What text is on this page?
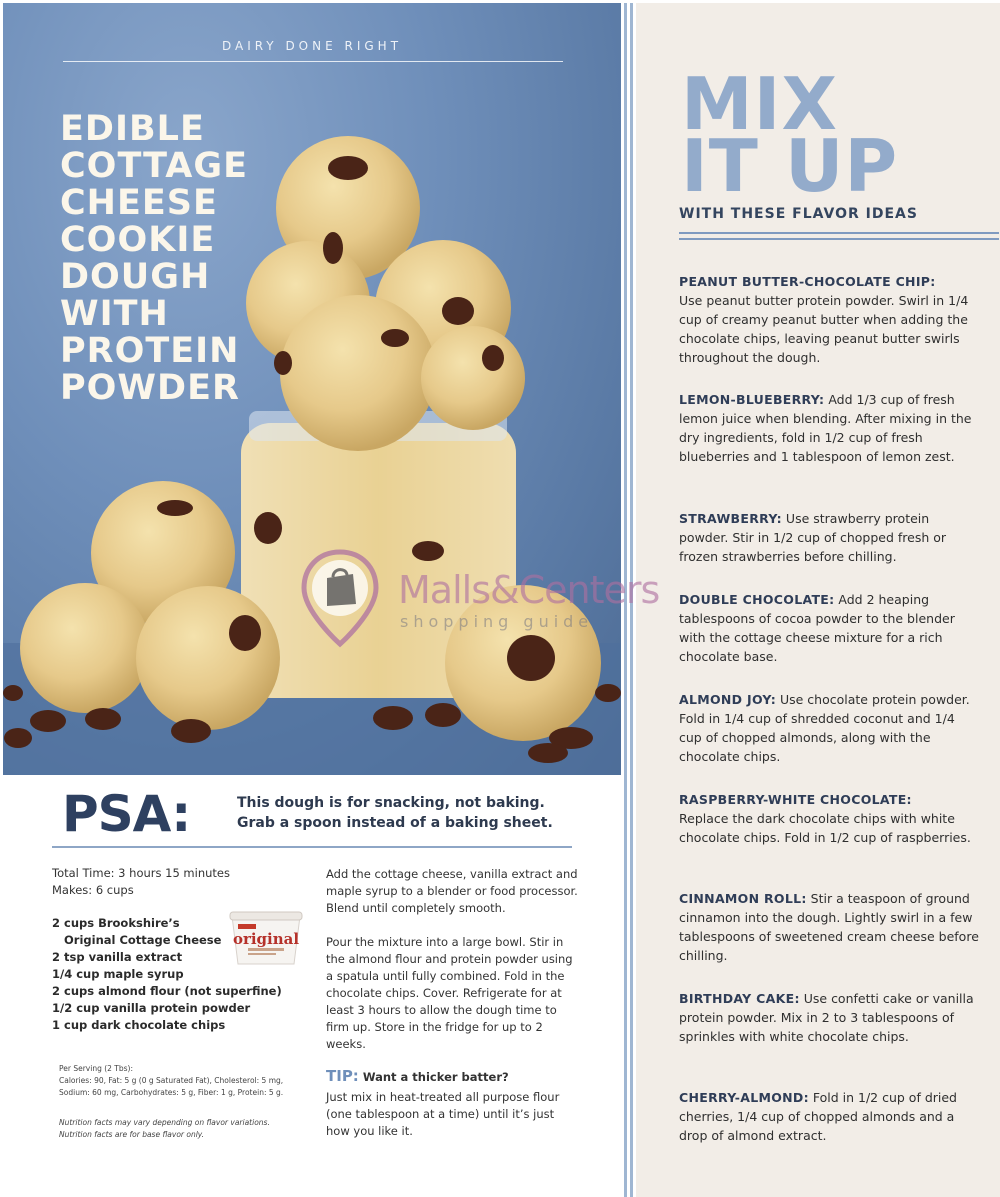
DAIRY DONE RIGHT
EDIBLE
COTTAGE
CHEESE
COOKIE
DOUGH
WITH
PROTEIN
POWDER
MIX
IT UP
WITH THESE FLAVOR IDEAS
PEANUT BUTTER-CHOCOLATE CHIP:
Use peanut butter protein powder. Swirl in 1/4 cup of creamy peanut butter when adding the chocolate chips, leaving peanut butter swirls throughout the dough.
LEMON-BLUEBERRY: Add 1/3 cup of fresh lemon juice when blending. After mixing in the dry ingredients, fold in 1/2 cup of fresh blueberries and 1 tablespoon of lemon zest.
STRAWBERRY: Use strawberry protein powder. Stir in 1/2 cup of chopped fresh or frozen strawberries before chilling.
DOUBLE CHOCOLATE: Add 2 heaping tablespoons of cocoa powder to the blender with the cottage cheese mixture for a rich chocolate base.
ALMOND JOY: Use chocolate protein powder. Fold in 1/4 cup of shredded coconut and 1/4 cup of chopped almonds, along with the chocolate chips.
RASPBERRY-WHITE CHOCOLATE:
Replace the dark chocolate chips with white chocolate chips. Fold in 1/2 cup of raspberries.
CINNAMON ROLL: Stir a teaspoon of ground cinnamon into the dough. Lightly swirl in a few tablespoons of sweetened cream cheese before chilling.
BIRTHDAY CAKE: Use confetti cake or vanilla protein powder. Mix in 2 to 3 tablespoons of sprinkles with white chocolate chips.
CHERRY-ALMOND: Fold in 1/2 cup of dried cherries, 1/4 cup of chopped almonds and a drop of almond extract.
PSA:	This dough is for snacking, not baking.
Grab a spoon instead of a baking sheet.
Total Time: 3 hours 15 minutes
Makes: 6 cups
2 cups Brookshire’s
Original Cottage Cheese
2 tsp vanilla extract
1/4 cup maple syrup
2 cups almond flour (not superfine)
1/2 cup vanilla protein powder
1 cup dark chocolate chips
original
Per Serving (2 Tbs):
Calories: 90, Fat: 5 g (0 g Saturated Fat), Cholesterol: 5 mg,
Sodium: 60 mg, Carbohydrates: 5 g, Fiber: 1 g, Protein: 5 g.
Nutrition facts may vary depending on flavor variations.
Nutrition facts are for base flavor only.

Add the cottage cheese, vanilla extract and maple syrup to a blender or food processor. Blend until completely smooth.

Pour the mixture into a large bowl. Stir in the almond flour and protein powder using a spatula until fully combined. Fold in the chocolate chips. Cover. Refrigerate for at least 3 hours to allow the dough time to firm up. Store in the fridge for up to 2 weeks.

TIP: Want a thicker batter?
Just mix in heat-treated all purpose flour (one tablespoon at a time) until it’s just how you like it.
Malls&Centers
shopping guide
